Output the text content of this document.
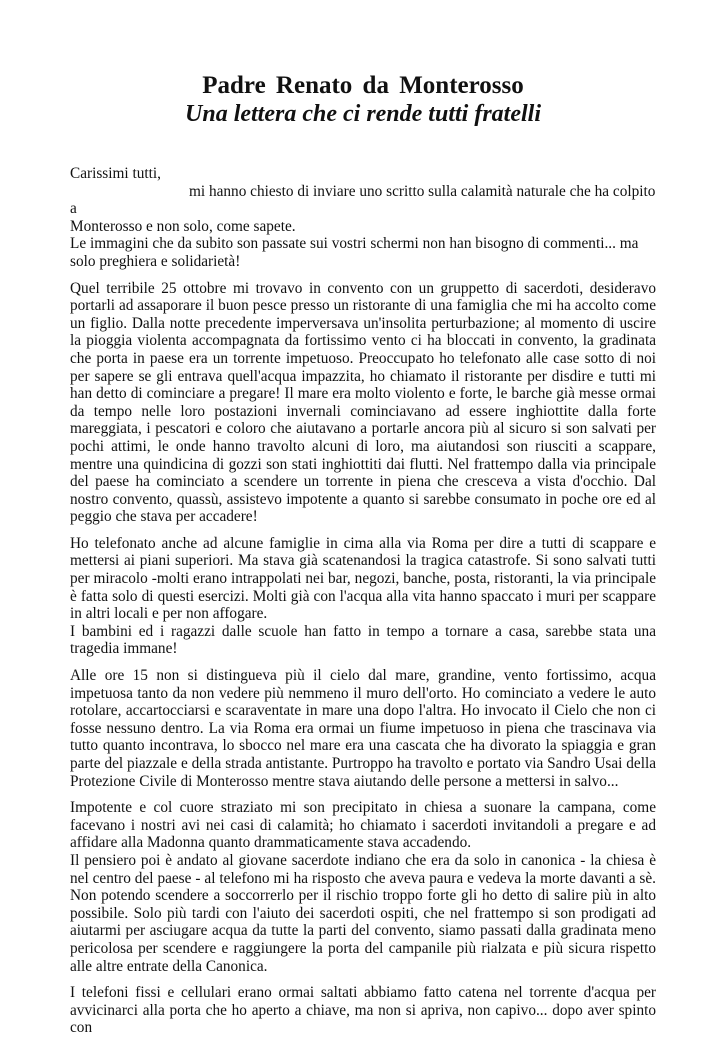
Padre Renato da Monterosso
Una lettera che ci rende tutti fratelli

Carissimi tutti,

mi hanno chiesto di inviare uno scritto sulla calamità naturale che ha colpito a

Monterosso e non solo, come sapete.

Le immagini che da subito son passate sui vostri schermi non han bisogno di commenti... ma solo preghiera e solidarietà!

Quel terribile 25 ottobre mi trovavo in convento con un gruppetto di sacerdoti, desideravo portarli ad assaporare il buon pesce presso un ristorante di una famiglia che mi ha accolto come un figlio. Dalla notte precedente imperversava un'insolita perturbazione; al momento di uscire la pioggia violenta accompagnata da fortissimo vento ci ha bloccati in convento, la gradinata che porta in paese era un torrente impetuoso. Preoccupato ho telefonato alle case sotto di noi per sapere se gli entrava quell'acqua impazzita, ho chiamato il ristorante per disdire e tutti mi han detto di cominciare a pregare! Il mare era molto violento e forte, le barche già messe ormai da tempo nelle loro postazioni invernali cominciavano ad essere inghiottite dalla forte mareggiata, i pescatori e coloro che aiutavano a portarle ancora più al sicuro si son salvati per pochi attimi, le onde hanno travolto alcuni di loro, ma aiutandosi son riusciti a scappare, mentre una quindicina di gozzi son stati inghiottiti dai flutti. Nel frattempo dalla via principale del paese ha cominciato a scendere un torrente in piena che cresceva a vista d'occhio. Dal nostro convento, quassù, assistevo impotente a quanto si sarebbe consumato in poche ore ed al peggio che stava per accadere!

Ho telefonato anche ad alcune famiglie in cima alla via Roma per dire a tutti di scappare e mettersi ai piani superiori. Ma stava già scatenandosi la tragica catastrofe. Si sono salvati tutti per miracolo -molti erano intrappolati nei bar, negozi, banche, posta, ristoranti, la via principale è fatta solo di questi esercizi. Molti già con l'acqua alla vita hanno spaccato i muri per scappare in altri locali e per non affogare.

I bambini ed i ragazzi dalle scuole han fatto in tempo a tornare a casa, sarebbe stata una tragedia immane!

Alle ore 15 non si distingueva più il cielo dal mare, grandine, vento fortissimo, acqua impetuosa tanto da non vedere più nemmeno il muro dell'orto. Ho cominciato a vedere le auto rotolare, accartocciarsi e scaraventate in mare una dopo l'altra. Ho invocato il Cielo che non ci fosse nessuno dentro. La via Roma era ormai un fiume impetuoso in piena che trascinava via tutto quanto incontrava, lo sbocco nel mare era una cascata che ha divorato la spiaggia e gran parte del piazzale e della strada antistante. Purtroppo ha travolto e portato via Sandro Usai della Protezione Civile di Monterosso mentre stava aiutando delle persone a mettersi in salvo...

Impotente e col cuore straziato mi son precipitato in chiesa a suonare la campana, come facevano i nostri avi nei casi di calamità; ho chiamato i sacerdoti invitandoli a pregare e ad affidare alla Madonna quanto drammaticamente stava accadendo.

Il pensiero poi è andato al giovane sacerdote indiano che era da solo in canonica - la chiesa è nel centro del paese - al telefono mi ha risposto che aveva paura e vedeva la morte davanti a sè. Non potendo scendere a soccorrerlo per il rischio troppo forte gli ho detto di salire più in alto possibile. Solo più tardi con l'aiuto dei sacerdoti ospiti, che nel frattempo si son prodigati ad aiutarmi per asciugare acqua da tutte la parti del convento, siamo passati dalla gradinata meno pericolosa per scendere e raggiungere la porta del campanile più rialzata e più sicura rispetto alle altre entrate della Canonica.

I telefoni fissi e cellulari erano ormai saltati abbiamo fatto catena nel torrente d'acqua per avvicinarci alla porta che ho aperto a chiave, ma non si apriva, non capivo... dopo aver spinto con
